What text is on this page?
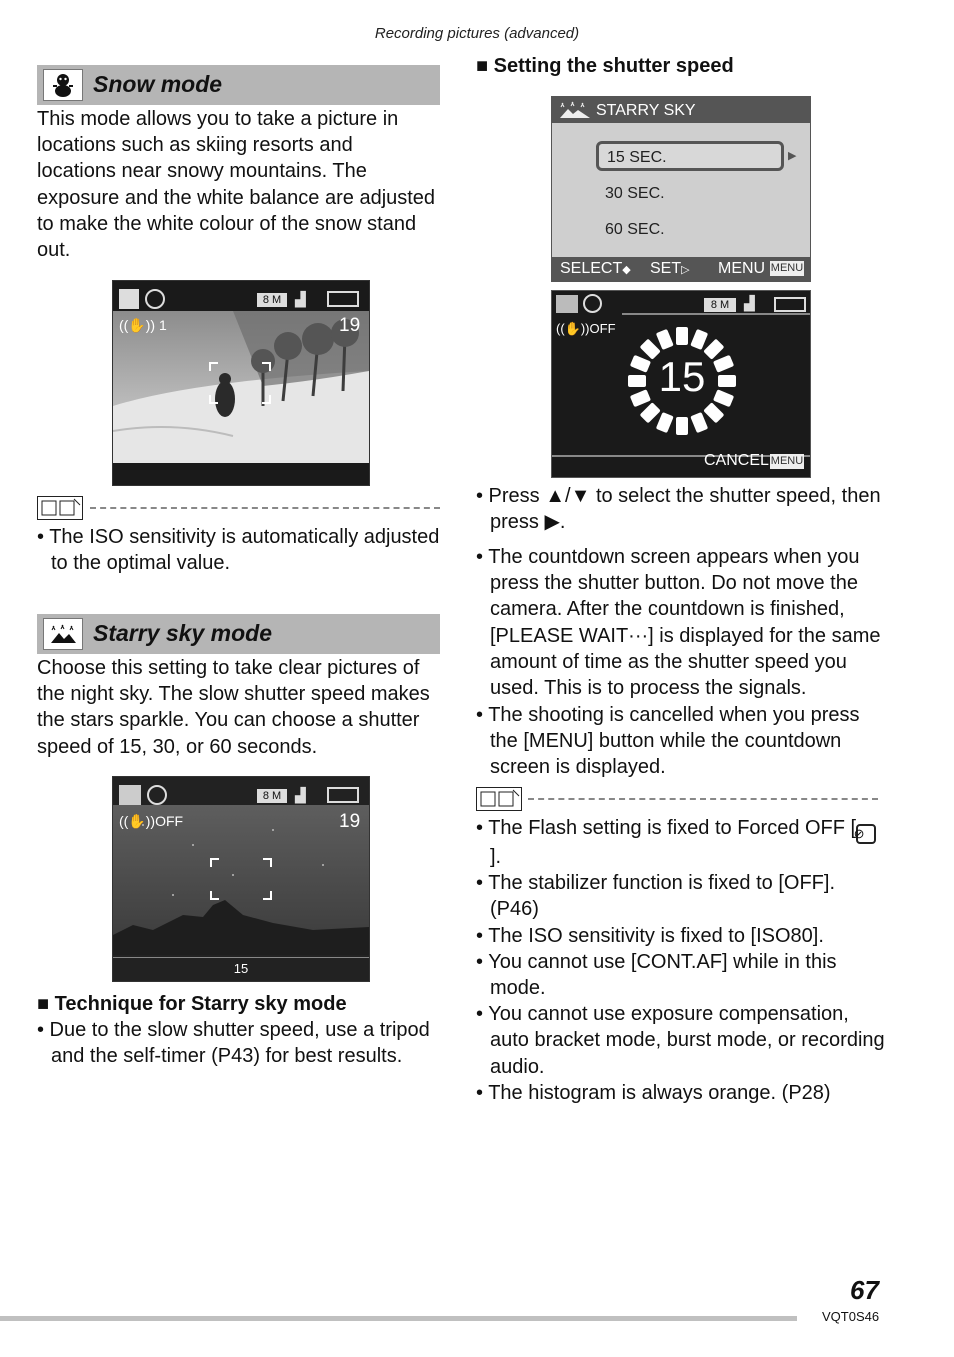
Recording pictures (advanced)
Snow mode
This mode allows you to take a picture in locations such as skiing resorts and locations near snowy mountains. The exposure and the white balance are adjusted to make the white colour of the snow stand out.
8 M ▟
((✋)) 1	19

• The ISO sensitivity is automatically adjusted to the optimal value.

Starry sky mode
Choose this setting to take clear pictures of the night sky. The slow shutter speed makes the stars sparkle. You can choose a shutter speed of 15, 30, or 60 seconds.
8 M ▟
((✋))OFF	19
15
■ Technique for Starry sky mode

• Due to the slow shutter speed, use a tripod and the self-timer (P43) for best results.

■ Setting the shutter speed
STARRY SKY
15 SEC.	▶
30 SEC.
60 SEC.
SELECT◆ SET▷ MENU MENU
8 M	▟
((✋))OFF
15
CANCEL MENU

• Press ▲/▼ to select the shutter speed, then press ▶.

• The countdown screen appears when you press the shutter button. Do not move the camera. After the countdown is finished, [PLEASE WAIT···] is displayed for the same amount of time as the shutter speed you used. This is to process the signals.

• The shooting is cancelled when you press the [MENU] button while the countdown screen is displayed.

• The Flash setting is fixed to Forced OFF [⊘].

• The stabilizer function is fixed to [OFF]. (P46)

• The ISO sensitivity is fixed to [ISO80].

• You cannot use [CONT.AF] while in this mode.

• You cannot use exposure compensation, auto bracket mode, burst mode, or recording audio.

• The histogram is always orange. (P28)

67
VQT0S46
